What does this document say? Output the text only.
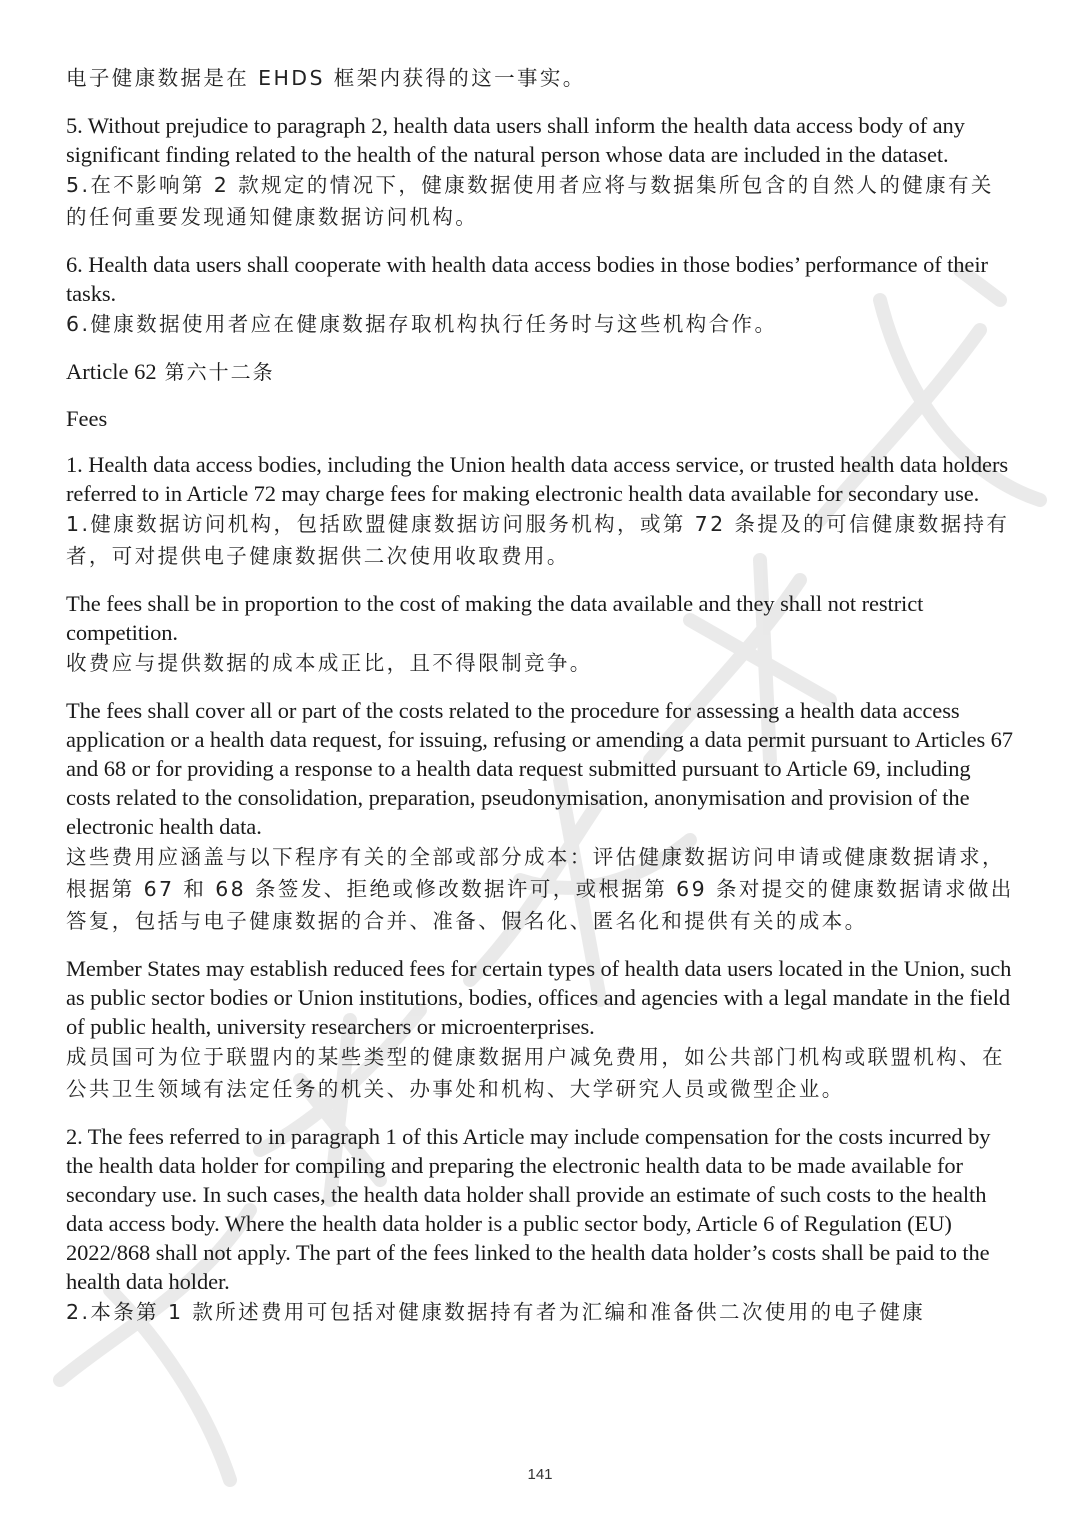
电子健康数据是在 EHDS 框架内获得的这一事实。
5. Without prejudice to paragraph 2, health data users shall inform the health data access body of any significant finding related to the health of the natural person whose data are included in the dataset.
5.在不影响第 2 款规定的情况下，健康数据使用者应将与数据集所包含的自然人的健康有关 的任何重要发现通知健康数据访问机构。
6. Health data users shall cooperate with health data access bodies in those bodies’ performance of their tasks.
6.健康数据使用者应在健康数据存取机构执行任务时与这些机构合作。
Article 62 第六十二条
Fees
1. Health data access bodies, including the Union health data access service, or trusted health data holders referred to in Article 72 may charge fees for making electronic health data available for secondary use.
1.健康数据访问机构，包括欧盟健康数据访问服务机构，或第 72 条提及的可信健康数据持有者，可对提供电子健康数据供二次使用收取费用。
The fees shall be in proportion to the cost of making the data available and they shall not restrict competition.
收费应与提供数据的成本成正比，且不得限制竞争。
The fees shall cover all or part of the costs related to the procedure for assessing a health data access application or a health data request, for issuing, refusing or amending a data permit pursuant to Articles 67 and 68 or for providing a response to a health data request submitted pursuant to Article 69, including costs related to the consolidation, preparation, pseudonymisation, anonymisation and provision of the electronic health data.
这些费用应涵盖与以下程序有关的全部或部分成本：评估健康数据访问申请或健康数据请求，根据第 67 和 68 条签发、拒绝或修改数据许可，或根据第 69 条对提交的健康数据请求做出答复，包括与电子健康数据的合并、准备、假名化、匿名化和提供有关的成本。
Member States may establish reduced fees for certain types of health data users located in the Union, such as public sector bodies or Union institutions, bodies, offices and agencies with a legal mandate in the field of public health, university researchers or microenterprises.
成员国可为位于联盟内的某些类型的健康数据用户减免费用，如公共部门机构或联盟机构、在公共卫生领域有法定任务的机关、办事处和机构、大学研究人员或微型企业。
2. The fees referred to in paragraph 1 of this Article may include compensation for the costs incurred by the health data holder for compiling and preparing the electronic health data to be made available for secondary use. In such cases, the health data holder shall provide an estimate of such costs to the health data access body. Where the health data holder is a public sector body, Article 6 of Regulation (EU) 2022/868 shall not apply. The part of the fees linked to the health data holder’s costs shall be paid to the health data holder.
2.本条第 1 款所述费用可包括对健康数据持有者为汇编和准备供二次使用的电子健康
141
